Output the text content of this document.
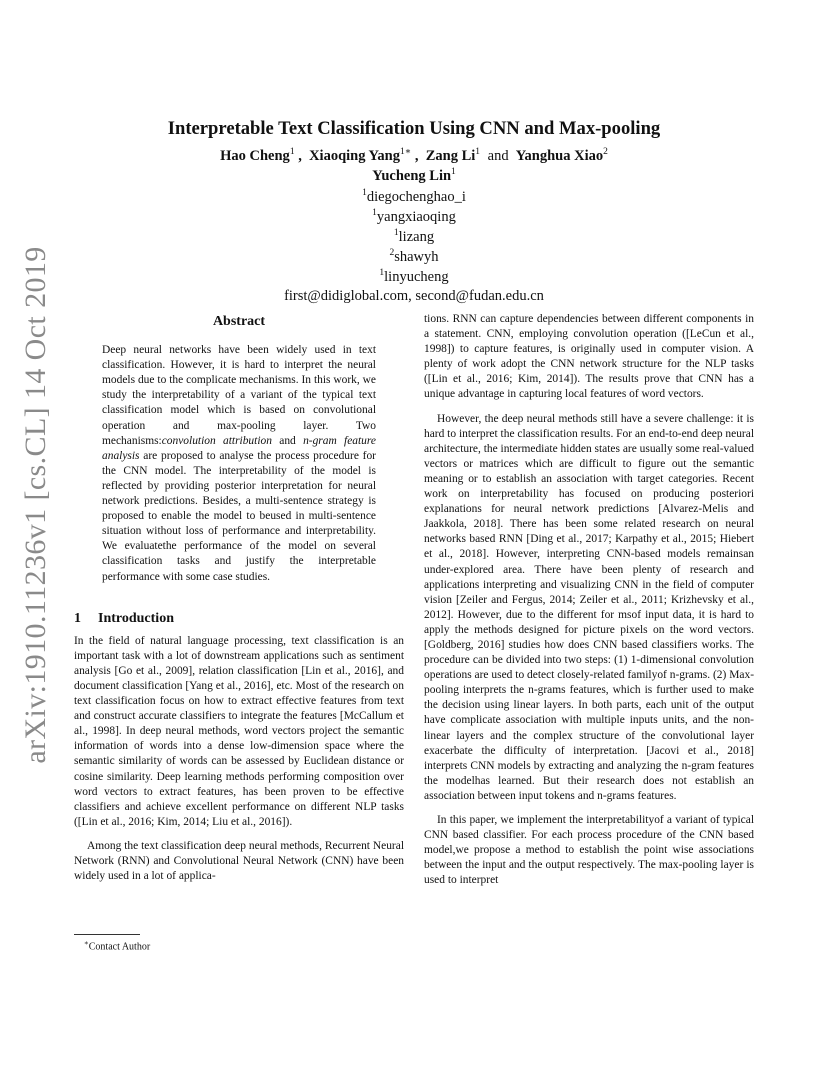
arXiv:1910.11236v1 [cs.CL] 14 Oct 2019
Interpretable Text Classification Using CNN and Max-pooling
Hao Cheng$^1$ ,  Xiaoqing Yang$^{1∗}$ ,  Zang Li$^1$ and Yanghua Xiao$^2$
Yucheng Lin$^1$
$^1$diegochenghao_i
$^1$yangxiaoqing
$^1$lizang
$^2$shawyh
$^1$linyucheng
first@didiglobal.com, second@fudan.edu.cn
Abstract

Deep neural networks have been widely used in text classification. However, it is hard to interpret the neural models due to the complicate mechanisms. In this work, we study the interpretability of a variant of the typical text classification model which is based on convolutional operation and max-pooling layer. Two mechanisms:convolution attribution and n-gram feature analysis are proposed to analyse the process procedure for the CNN model. The interpretability of the model is reflected by providing posterior interpretation for neural network predictions. Besides, a multi-sentence strategy is proposed to enable the model to beused in multi-sentence situation without loss of performance and interpretability. We evaluatethe performance of the model on several classification tasks and justify the interpretable performance with some case studies.

1 Introduction

In the field of natural language processing, text classification is an important task with a lot of downstream applications such as sentiment analysis [Go et al., 2009], relation classification [Lin et al., 2016], and document classification [Yang et al., 2016], etc. Most of the research on text classification focus on how to extract effective features from text and construct accurate classifiers to integrate the features [McCallum et al., 1998]. In deep neural methods, word vectors project the semantic information of words into a dense low-dimension space where the semantic similarity of words can be assessed by Euclidean distance or cosine similarity. Deep learning methods performing composition over word vectors to extract features, has been proven to be effective classifiers and achieve excellent performance on different NLP tasks ([Lin et al., 2016; Kim, 2014; Liu et al., 2016]).

Among the text classification deep neural methods, Recurrent Neural Network (RNN) and Convolutional Neural Network (CNN) have been widely used in a lot of applica-

tions. RNN can capture dependencies between different components in a statement. CNN, employing convolution operation ([LeCun et al., 1998]) to capture features, is originally used in computer vision. A plenty of work adopt the CNN network structure for the NLP tasks ([Lin et al., 2016; Kim, 2014]). The results prove that CNN has a unique advantage in capturing local features of word vectors.

However, the deep neural methods still have a severe challenge: it is hard to interpret the classification results. For an end-to-end deep neural architecture, the intermediate hidden states are usually some real-valued vectors or matrices which are difficult to figure out the semantic meaning or to establish an association with target categories. Recent work on interpretability has focused on producing posteriori explanations for neural network predictions [Alvarez-Melis and Jaakkola, 2018]. There has been some related research on neural networks based RNN [Ding et al., 2017; Karpathy et al., 2015; Hiebert et al., 2018]. However, interpreting CNN-based models remainsan under-explored area. There have been plenty of research and applications interpreting and visualizing CNN in the field of computer vision [Zeiler and Fergus, 2014; Zeiler et al., 2011; Krizhevsky et al., 2012]. However, due to the different for msof input data, it is hard to apply the methods designed for picture pixels on the word vectors. [Goldberg, 2016] studies how does CNN based classifiers works. The procedure can be divided into two steps: (1) 1-dimensional convolution operations are used to detect closely-related familyof n-grams. (2) Max-pooling interprets the n-grams features, which is further used to make the decision using linear layers. In both parts, each unit of the output have complicate association with multiple inputs units, and the non-linear layers and the complex structure of the convolutional layer exacerbate the difficulty of interpretation. [Jacovi et al., 2018] interprets CNN models by extracting and analyzing the n-gram features the modelhas learned. But their research does not establish an association between input tokens and n-grams features.

In this paper, we implement the interpretabilityof a variant of typical CNN based classifier. For each process procedure of the CNN based model,we propose a method to establish the point wise associations between the input and the output respectively. The max-pooling layer is used to interpret

∗Contact Author
